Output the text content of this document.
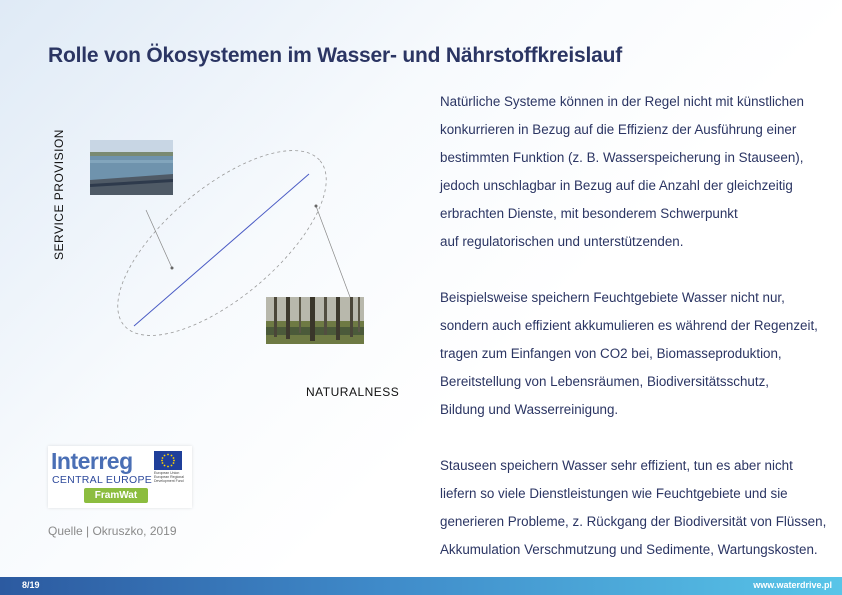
Rolle von Ökosystemen im Wasser- und Nährstoffkreislauf
SERVICE PROVISION
NATURALNESS

Natürliche Systeme können in der Regel nicht mit künstlichen
konkurrieren in Bezug auf die Effizienz der Ausführung einer
bestimmten Funktion (z. B. Wasserspeicherung in Stauseen),
jedoch unschlagbar in Bezug auf die Anzahl der gleichzeitig
erbrachten Dienste, mit besonderem Schwerpunkt
auf regulatorischen und unterstützenden.

Beispielsweise speichern Feuchtgebiete Wasser nicht nur,
sondern auch effizient akkumulieren es während der Regenzeit,
tragen zum Einfangen von CO2 bei, Biomasseproduktion,
Bereitstellung von Lebensräumen, Biodiversitätsschutz,
Bildung und Wasserreinigung.

Stauseen speichern Wasser sehr effizient, tun es aber nicht
liefern so viele Dienstleistungen wie Feuchtgebiete und sie
generieren Probleme, z. Rückgang der Biodiversität von Flüssen,
Akkumulation Verschmutzung und Sedimente, Wartungskosten.

Interreg
CENTRAL EUROPE
European Union European Regional Development Fund
FramWat
Quelle | Okruszko, 2019
8/19	www.waterdrive.pl
